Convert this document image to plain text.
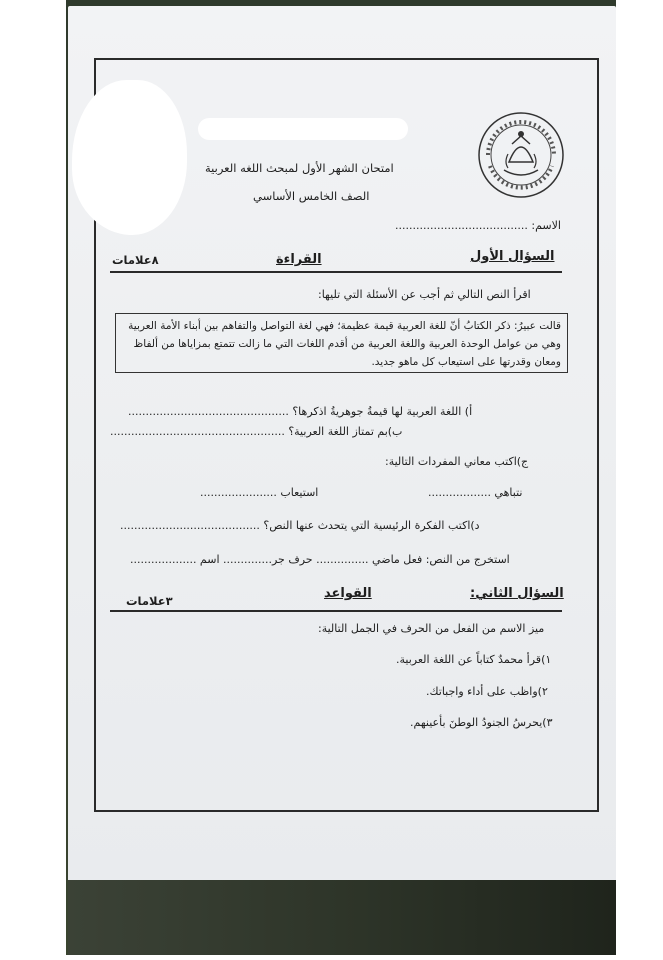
امتحان الشهر الأول لمبحث اللغه العربية
الصف الخامس الأساسي
الاسم: ......................................
٨علامات	القراءة	السؤال الأول
اقرأ النص التالي ثم أجب عن الأسئلة التي تليها:
قالت عبيرُ: ذكر الكتابُ أنّ للغة العربية قيمة عظيمة؛ فهي لغة التواصل والتفاهم بين أبناء الأمة العربية وهي من عوامل الوحدة العربية واللغة العربية من أقدم اللغات التي ما زالت تتمتع بمزاياها من ألفاظ ومعان وقدرتها على استيعاب كل ماهو جديد.
أ) اللغة العربية لها قيمةُ جوهريةُ اذكرها؟ ..............................................
ب)بم تمتاز اللغة العربية؟ ..................................................
ج)اكتب معاني المفردات التالية:
نتباهي ..................
استيعاب ......................
د)اكتب الفكرة الرئيسية التي يتحدث عنها النص؟ ........................................
استخرج من النص: فعل ماضي ............... حرف جر.............. اسم ...................
٣علامات	القواعد	السؤال الثاني:
ميز الاسم من الفعل من الحرف في الجمل التالية:
١)قرأ محمدٌ كتاباً عن اللغة العربية.
٢)واظب على أداء واجباتك.
٣)يحرسُ الجنودُ الوطنَ بأعينهم.
